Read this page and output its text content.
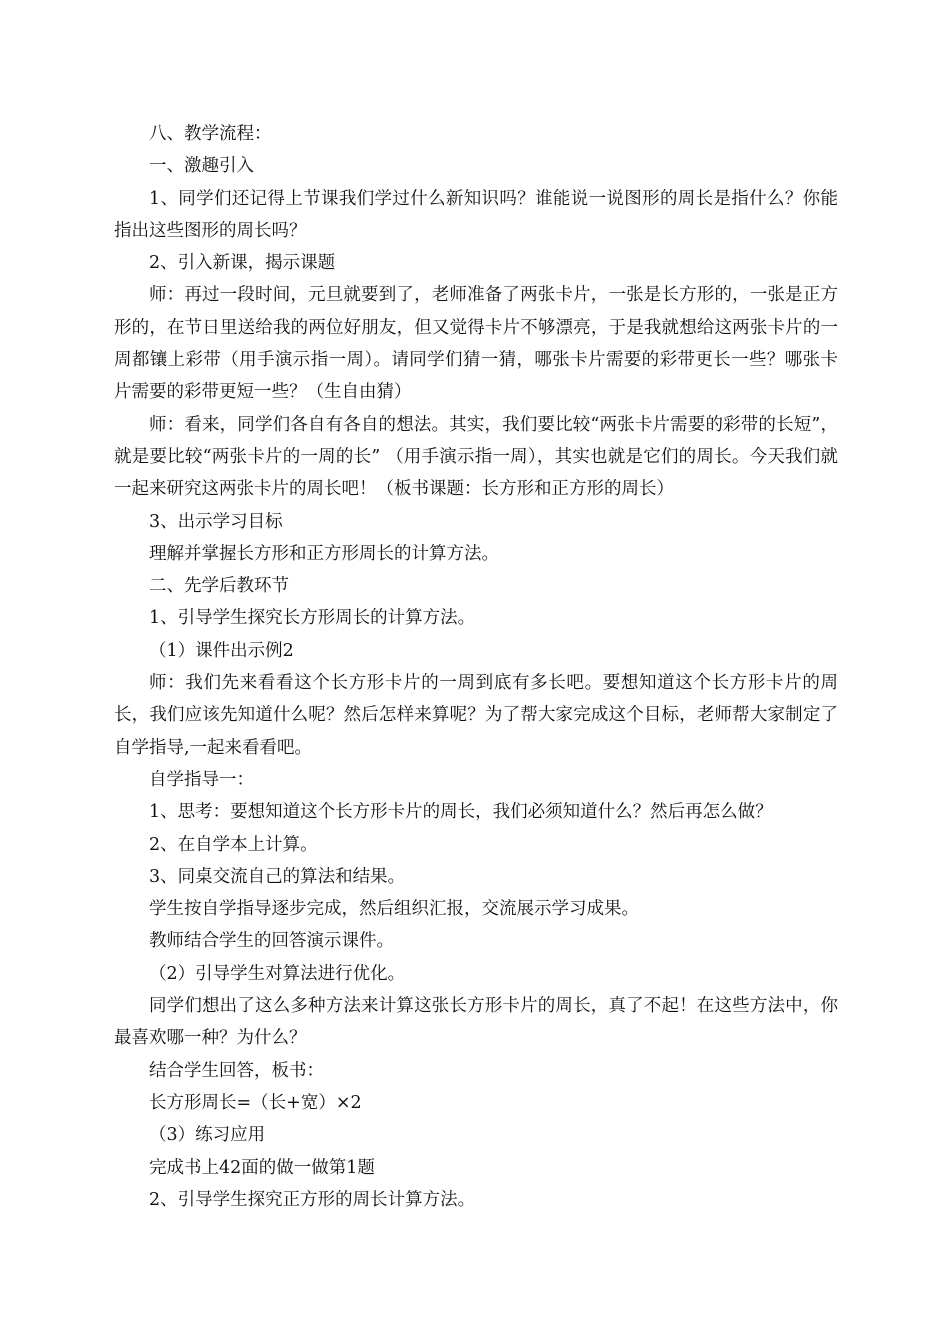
八、教学流程：

一、激趣引入

1、同学们还记得上节课我们学过什么新知识吗？谁能说一说图形的周长是指什么？你能指出这些图形的周长吗？

2、引入新课，揭示课题

师：再过一段时间，元旦就要到了，老师准备了两张卡片，一张是长方形的，一张是正方形的，在节日里送给我的两位好朋友，但又觉得卡片不够漂亮，于是我就想给这两张卡片的一周都镶上彩带（用手演示指一周）。请同学们猜一猜，哪张卡片需要的彩带更长一些？哪张卡片需要的彩带更短一些？（生自由猜）

师：看来，同学们各自有各自的想法。其实，我们要比较“两张卡片需要的彩带的长短”，就是要比较“两张卡片的一周的长” （用手演示指一周），其实也就是它们的周长。今天我们就一起来研究这两张卡片的周长吧！（板书课题：长方形和正方形的周长）

3、出示学习目标

理解并掌握长方形和正方形周长的计算方法。

二、先学后教环节

1、引导学生探究长方形周长的计算方法。

（1）课件出示例2

师：我们先来看看这个长方形卡片的一周到底有多长吧。要想知道这个长方形卡片的周长，我们应该先知道什么呢？然后怎样来算呢？为了帮大家完成这个目标，老师帮大家制定了自学指导,一起来看看吧。

自学指导一：

1、思考：要想知道这个长方形卡片的周长，我们必须知道什么？然后再怎么做？

2、在自学本上计算。

3、同桌交流自己的算法和结果。

学生按自学指导逐步完成，然后组织汇报，交流展示学习成果。

教师结合学生的回答演示课件。

（2）引导学生对算法进行优化。

同学们想出了这么多种方法来计算这张长方形卡片的周长，真了不起！在这些方法中，你最喜欢哪一种？为什么？

结合学生回答，板书：

长方形周长=（长+宽）×2

（3）练习应用

完成书上42面的做一做第1题

2、引导学生探究正方形的周长计算方法。
